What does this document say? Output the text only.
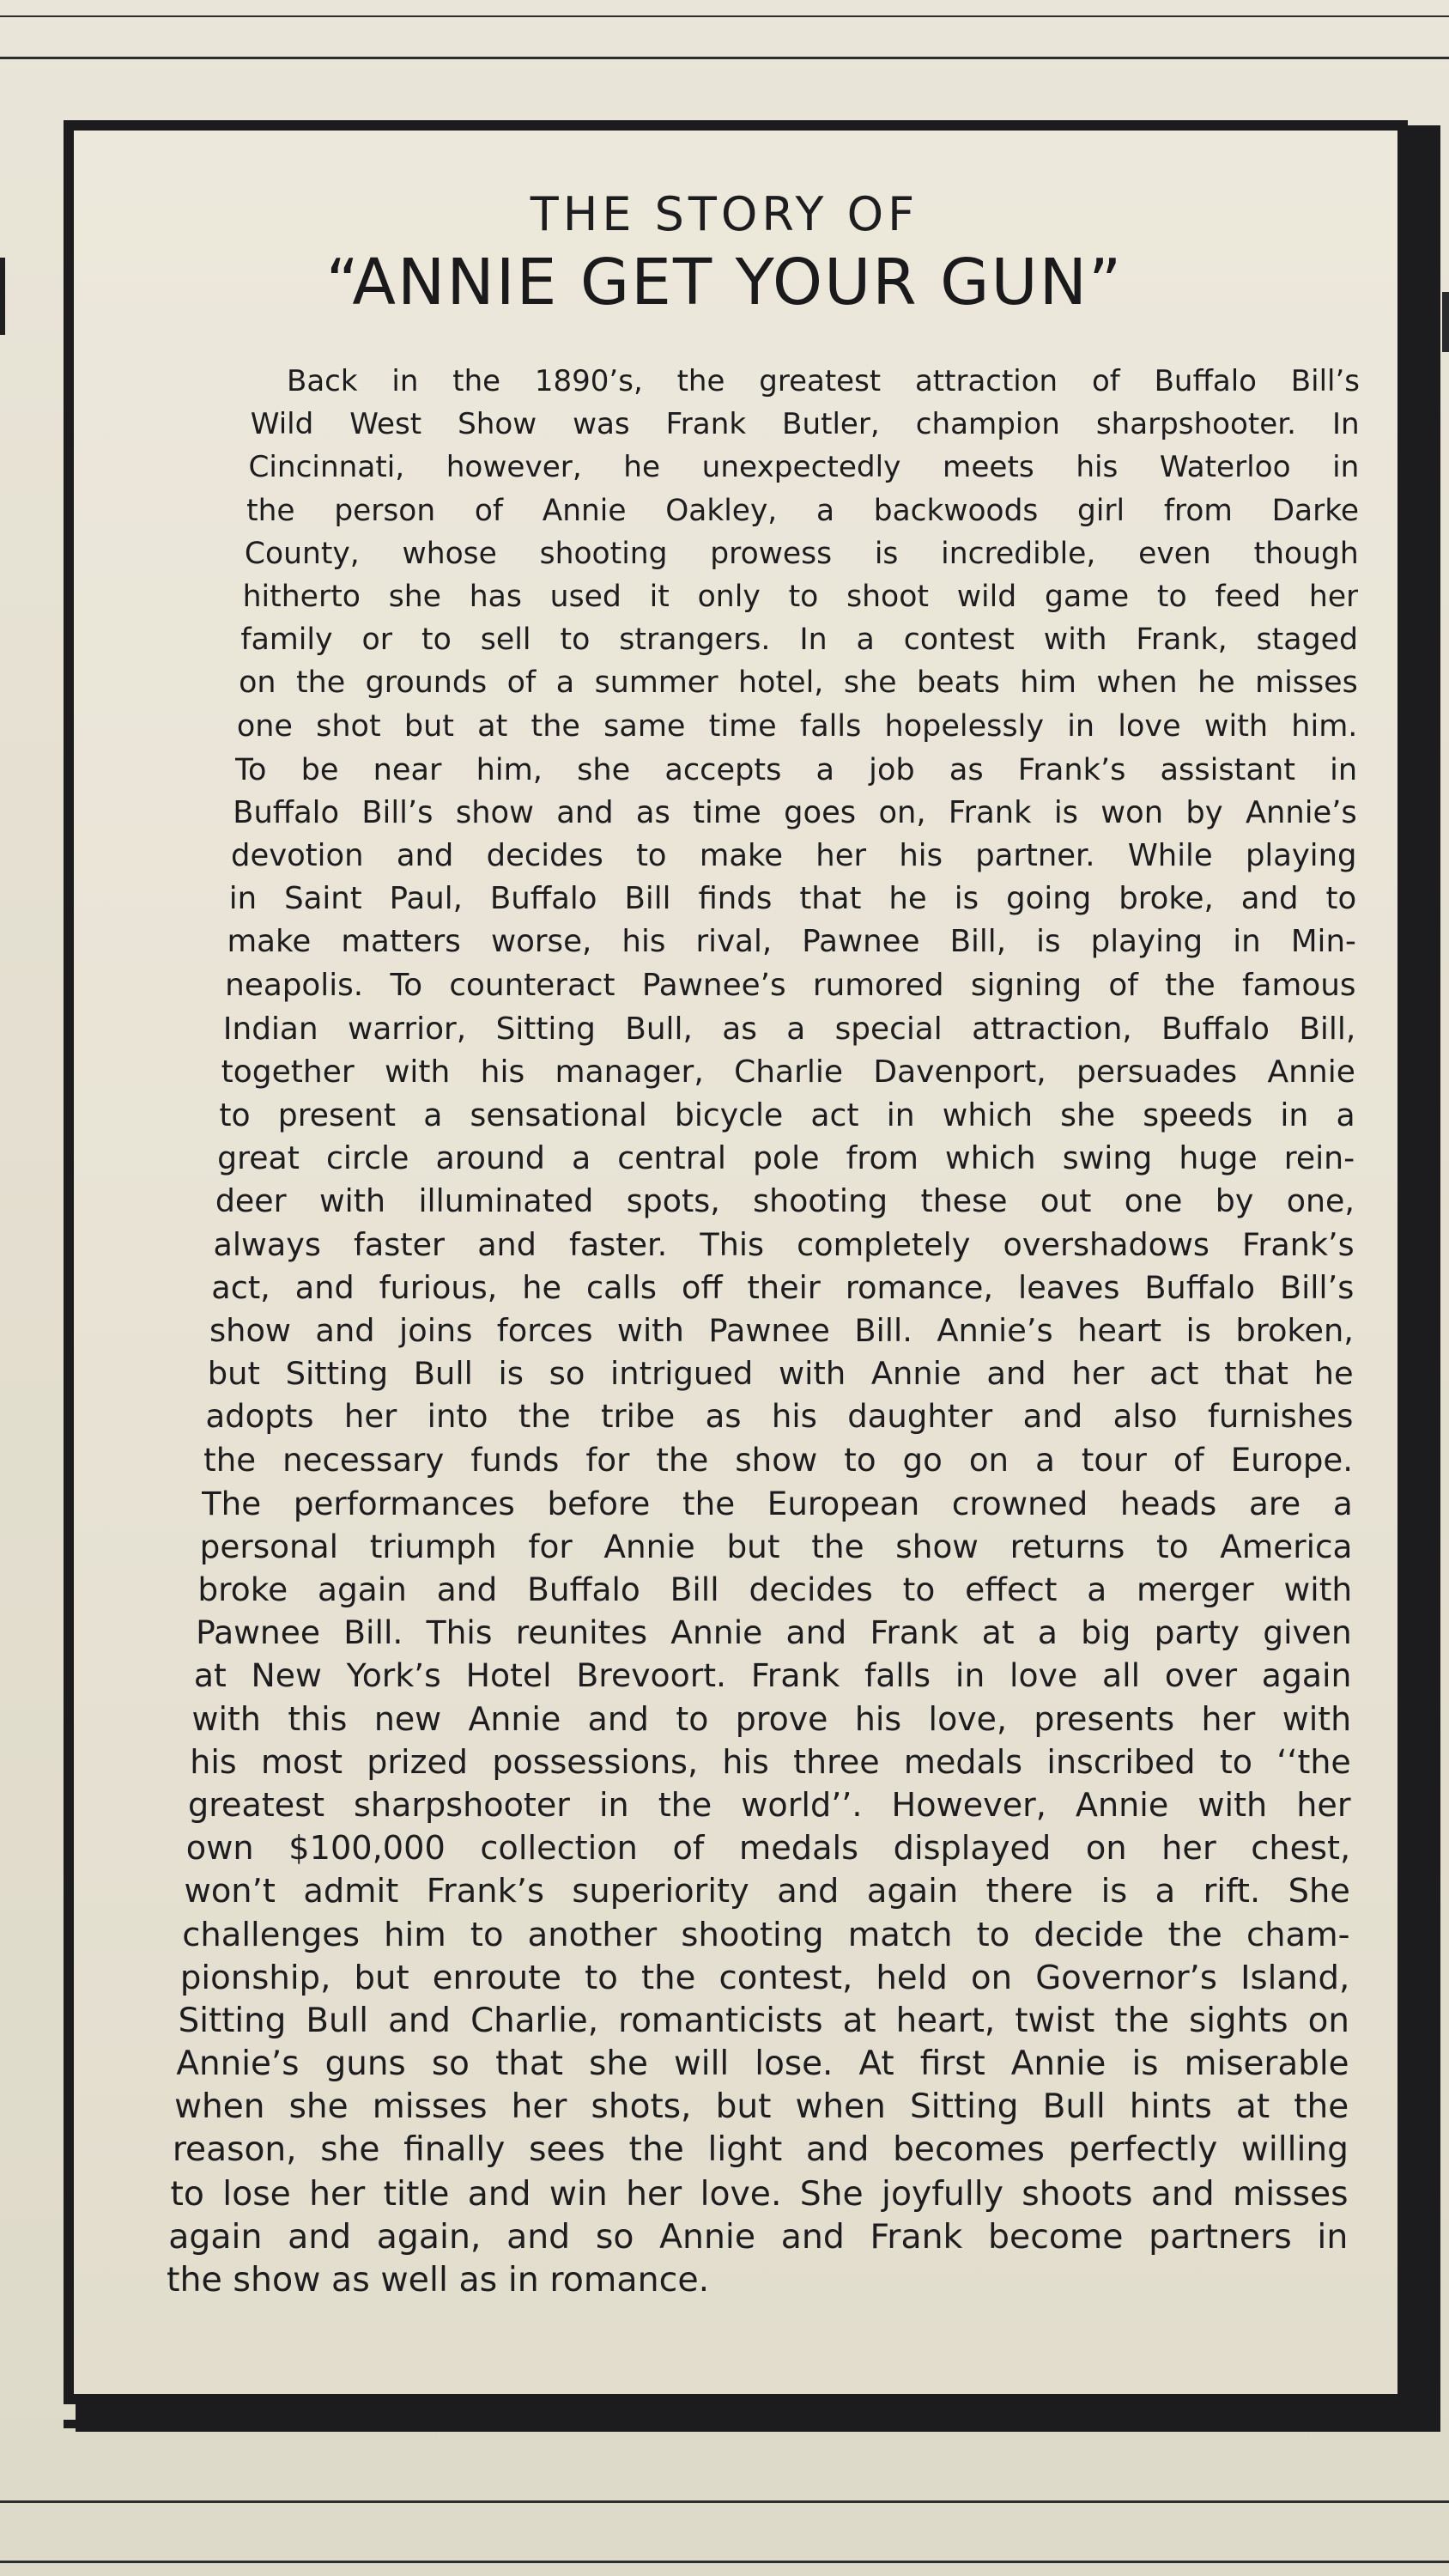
THE STORY OF
“ANNIE GET YOUR GUN”
Back in the 1890’s, the greatest attraction of Buffalo Bill’s
Wild West Show was Frank Butler, champion sharpshooter. In
Cincinnati, however, he unexpectedly meets his Waterloo in
the person of Annie Oakley, a backwoods girl from Darke
County, whose shooting prowess is incredible, even though
hitherto she has used it only to shoot wild game to feed her
family or to sell to strangers. In a contest with Frank, staged
on the grounds of a summer hotel, she beats him when he misses
one shot but at the same time falls hopelessly in love with him.
To be near him, she accepts a job as Frank’s assistant in
Buffalo Bill’s show and as time goes on, Frank is won by Annie’s
devotion and decides to make her his partner. While playing
in Saint Paul, Buffalo Bill finds that he is going broke, and to
make matters worse, his rival, Pawnee Bill, is playing in Min-
neapolis. To counteract Pawnee’s rumored signing of the famous
Indian warrior, Sitting Bull, as a special attraction, Buffalo Bill,
together with his manager, Charlie Davenport, persuades Annie
to present a sensational bicycle act in which she speeds in a
great circle around a central pole from which swing huge rein-
deer with illuminated spots, shooting these out one by one,
always faster and faster. This completely overshadows Frank’s
act, and furious, he calls off their romance, leaves Buffalo Bill’s
show and joins forces with Pawnee Bill. Annie’s heart is broken,
but Sitting Bull is so intrigued with Annie and her act that he
adopts her into the tribe as his daughter and also furnishes
the necessary funds for the show to go on a tour of Europe.
The performances before the European crowned heads are a
personal triumph for Annie but the show returns to America
broke again and Buffalo Bill decides to effect a merger with
Pawnee Bill. This reunites Annie and Frank at a big party given
at New York’s Hotel Brevoort. Frank falls in love all over again
with this new Annie and to prove his love, presents her with
his most prized possessions, his three medals inscribed to ‘‘the
greatest sharpshooter in the world’’. However, Annie with her
own $100,000 collection of medals displayed on her chest,
won’t admit Frank’s superiority and again there is a rift. She
challenges him to another shooting match to decide the cham-
pionship, but enroute to the contest, held on Governor’s Island,
Sitting Bull and Charlie, romanticists at heart, twist the sights on
Annie’s guns so that she will lose. At first Annie is miserable
when she misses her shots, but when Sitting Bull hints at the
reason, she finally sees the light and becomes perfectly willing
to lose her title and win her love. She joyfully shoots and misses
again and again, and so Annie and Frank become partners in
the show as well as in romance.
